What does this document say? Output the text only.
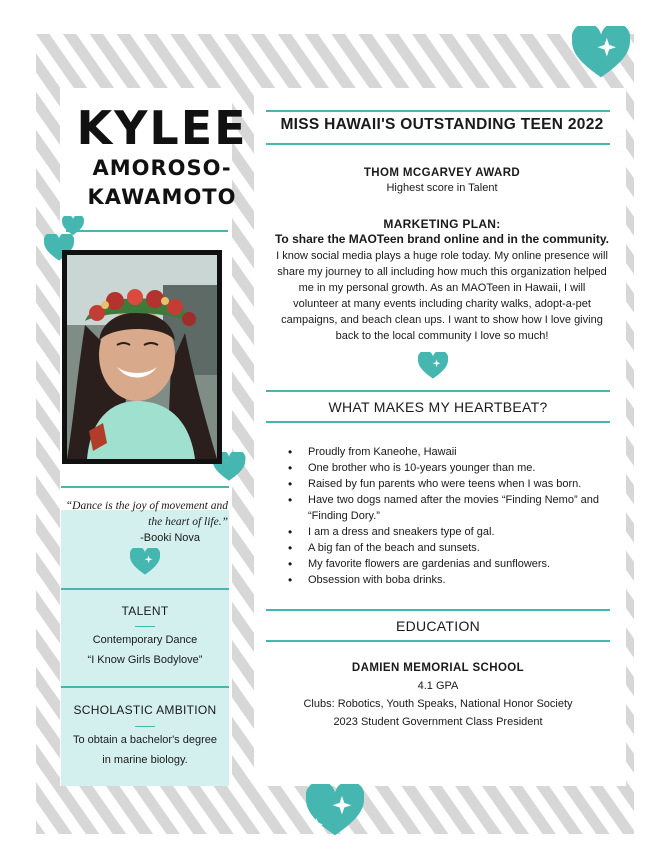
KYLEE
AMOROSO-
KAWAMOTO
MISS HAWAII'S OUTSTANDING TEEN 2022
THOM MCGARVEY AWARD
Highest score in Talent
MARKETING PLAN:
To share the MAOTeen brand online and in the community.
I know social media plays a huge role today. My online presence will
share my journey to all including how much this organization helped
me in my personal growth. As an MAOTeen in Hawaii, I will
volunteer at many events including charity walks, adopt-a-pet
campaigns, and beach clean ups. I want to show how I love giving
back to the local community I love so much!
WHAT MAKES MY HEARTBEAT?
• Proudly from Kaneohe, Hawaii
• One brother who is 10-years younger than me.
• Raised by fun parents who were teens when I was born.
• Have two dogs named after the movies “Finding Nemo” and “Finding Dory.”
• I am a dress and sneakers type of gal.
• A big fan of the beach and sunsets.
• My favorite flowers are gardenias and sunflowers.
• Obsession with boba drinks.
EDUCATION
DAMIEN MEMORIAL SCHOOL
4.1 GPA
Clubs: Robotics, Youth Speaks, National Honor Society
2023 Student Government Class President
“Dance is the joy of movement and
the heart of life.”
-Booki Nova
TALENT
Contemporary Dance
“I Know Girls Bodylove”
SCHOLASTIC AMBITION
To obtain a bachelor's degree
in marine biology.
